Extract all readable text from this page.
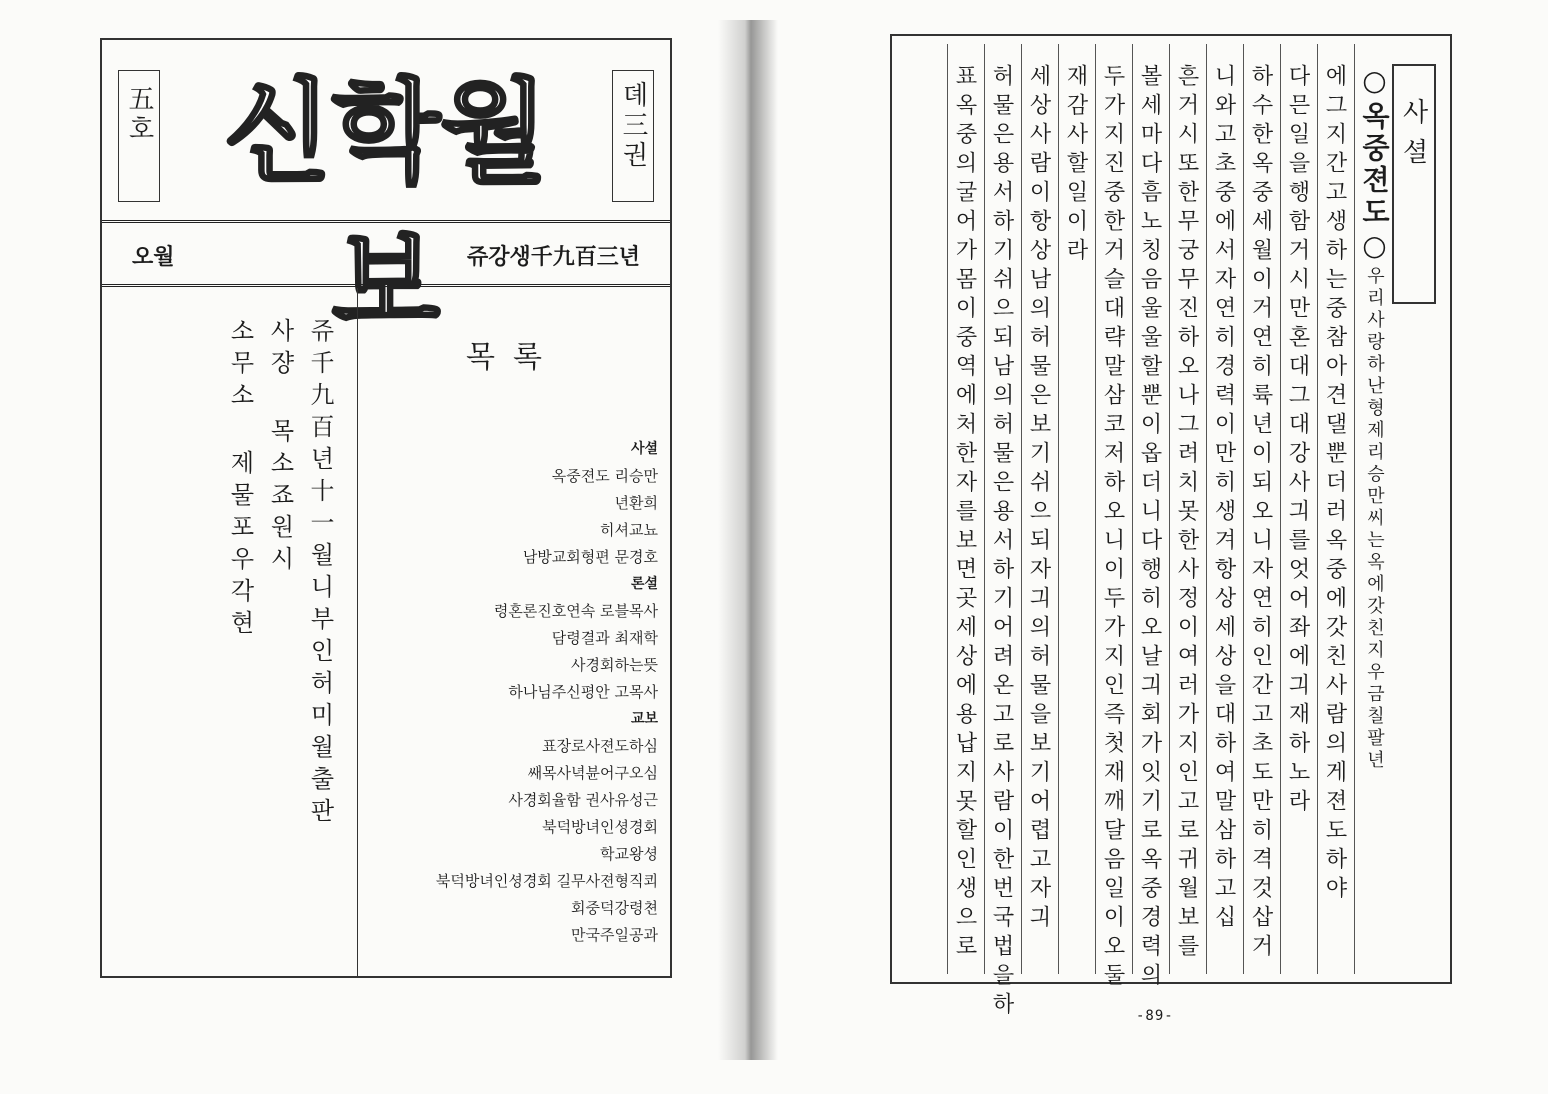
五호 신학월보
뎨三권
오월	쥬강생千九百三년
쥬千九百년十一월니부인허미월출판
사쟝 목소죠원시
소무소 제물포우각현	목록
사셜
옥중젼도 리승만
년환희
히셔교뇨
남방교회형편 문경호
론셜
령혼론진호연속 로블목사
담령결과 최재학
사경회하는뜻
하나님주신평안 고목사
교보
표장로사젼도하심
쌔목사녁뷴어구오심
사경회율함 권사유성근
북덕방녀인셩경회
학교왕셩
북덕방녀인셩경회 길무사젼형직쾨
회중덕강령쳔
만국주일공과
사셜
○옥중젼도○우리사랑하난형제리승만씨는옥에갓친지우금칠팔년
에그지간고생하는중참아견댈뿐더러옥중에갓친사람의게젼도하야
다믄일을행함거시만혼대그대강사긔를엇어좌에긔재하노라
하수한옥중세월이거연히륙년이되오니자연히인간고초도만히격것삽거
니와고초중에서자연히경력이만히생겨항상세상을대하여말삼하고십
흔거시또한무궁무진하오나그려치못한사정이여러가지인고로귀월보를
볼세마다흠노칭음울울할뿐이옵더니다행히오날긔회가잇기로옥중경력의
두가지진중한거슬대략말삼코저하오니이두가지인즉첫재깨달음일이오둘
재감사할일이라
세상사람이항상남의허물은보기쉬으되자긔의허물을보기어렵고자긔
허물은용서하기쉬으되남의허물은용서하기어려온고로사람이한번국법을하
표옥중의굴어가몸이중역에처한자를보면곳세상에용납지못할인생으로
-89-
